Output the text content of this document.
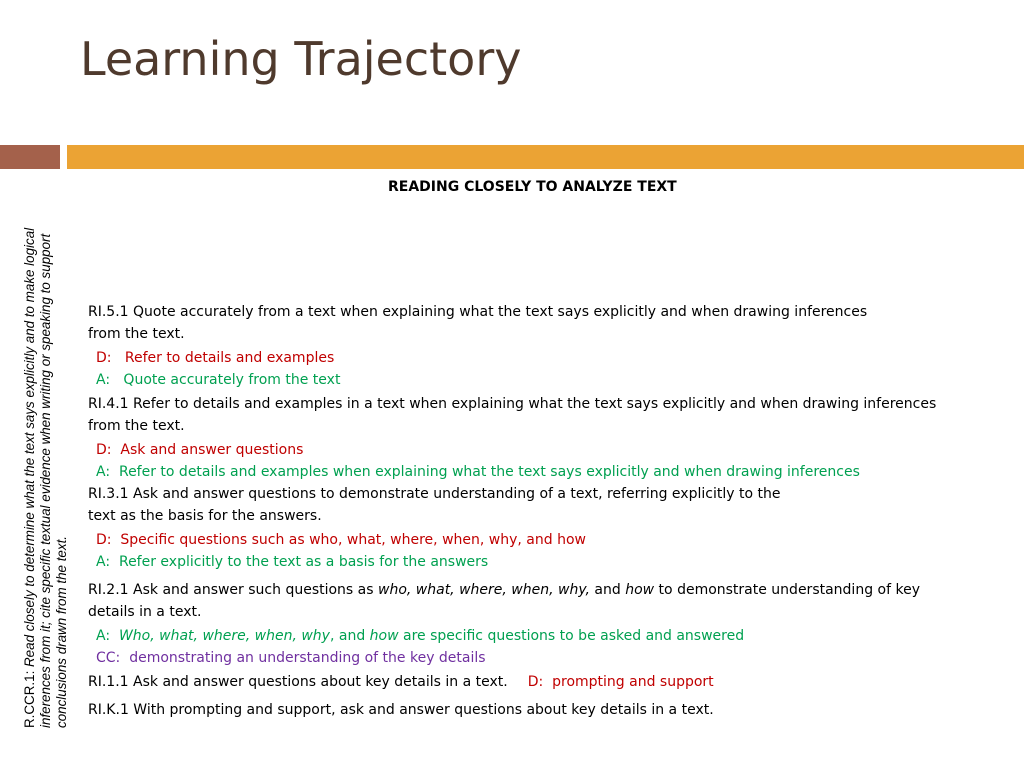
Learning Trajectory
READING CLOSELY TO ANALYZE TEXT
R.CCR.1: Read closely to determine what the text says explicitly and to make logical inferences from it; cite specific textual evidence when writing or speaking to support conclusions drawn from the text.
RI.5.1 Quote accurately from a text when explaining what the text says explicitly and when drawing inferences
from the text.
D: Refer to details and examples
A: Quote accurately from the text
RI.4.1 Refer to details and examples in a text when explaining what the text says explicitly and when drawing inferences
from the text.
D: Ask and answer questions
A: Refer to details and examples when explaining what the text says explicitly and when drawing inferences
RI.3.1 Ask and answer questions to demonstrate understanding of a text, referring explicitly to the
text as the basis for the answers.
D: Specific questions such as who, what, where, when, why, and how
A: Refer explicitly to the text as a basis for the answers
RI.2.1 Ask and answer such questions as who, what, where, when, why, and how to demonstrate understanding of key
details in a text.
A: Who, what, where, when, why, and how are specific questions to be asked and answered
CC: demonstrating an understanding of the key details
RI.1.1 Ask and answer questions about key details in a text. D: prompting and support
RI.K.1 With prompting and support, ask and answer questions about key details in a text.
